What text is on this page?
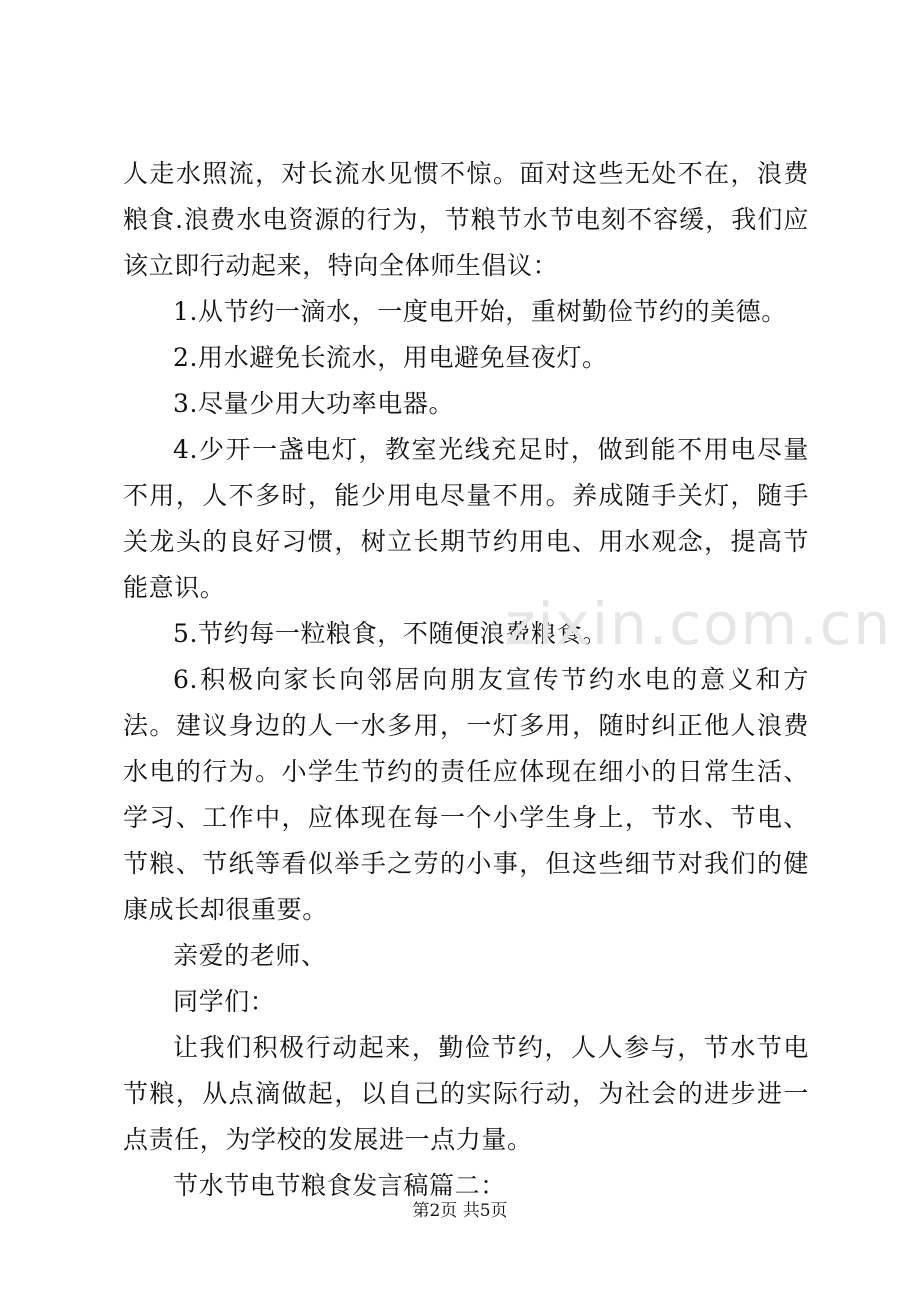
人走水照流，对长流水见惯不惊。面对这些无处不在，浪费粮食.浪费水电资源的行为，节粮节水节电刻不容缓，我们应该立即行动起来，特向全体师生倡议：

1.从节约一滴水，一度电开始，重树勤俭节约的美德。

2.用水避免长流水，用电避免昼夜灯。

3.尽量少用大功率电器。

4.少开一盏电灯，教室光线充足时，做到能不用电尽量不用，人不多时，能少用电尽量不用。养成随手关灯，随手关龙头的良好习惯，树立长期节约用电、用水观念，提高节能意识。

5.节约每一粒粮食，不随便浪费粮食。

6.积极向家长向邻居向朋友宣传节约水电的意义和方法。建议身边的人一水多用，一灯多用，随时纠正他人浪费水电的行为。小学生节约的责任应体现在细小的日常生活、学习、工作中，应体现在每一个小学生身上，节水、节电、节粮、节纸等看似举手之劳的小事，但这些细节对我们的健康成长却很重要。

亲爱的老师、

同学们：

让我们积极行动起来，勤俭节约，人人参与，节水节电节粮，从点滴做起，以自己的实际行动，为社会的进步进一点责任，为学校的发展进一点力量。

节水节电节粮食发言稿篇二：

zixin.com.cn
第2页 共5页
